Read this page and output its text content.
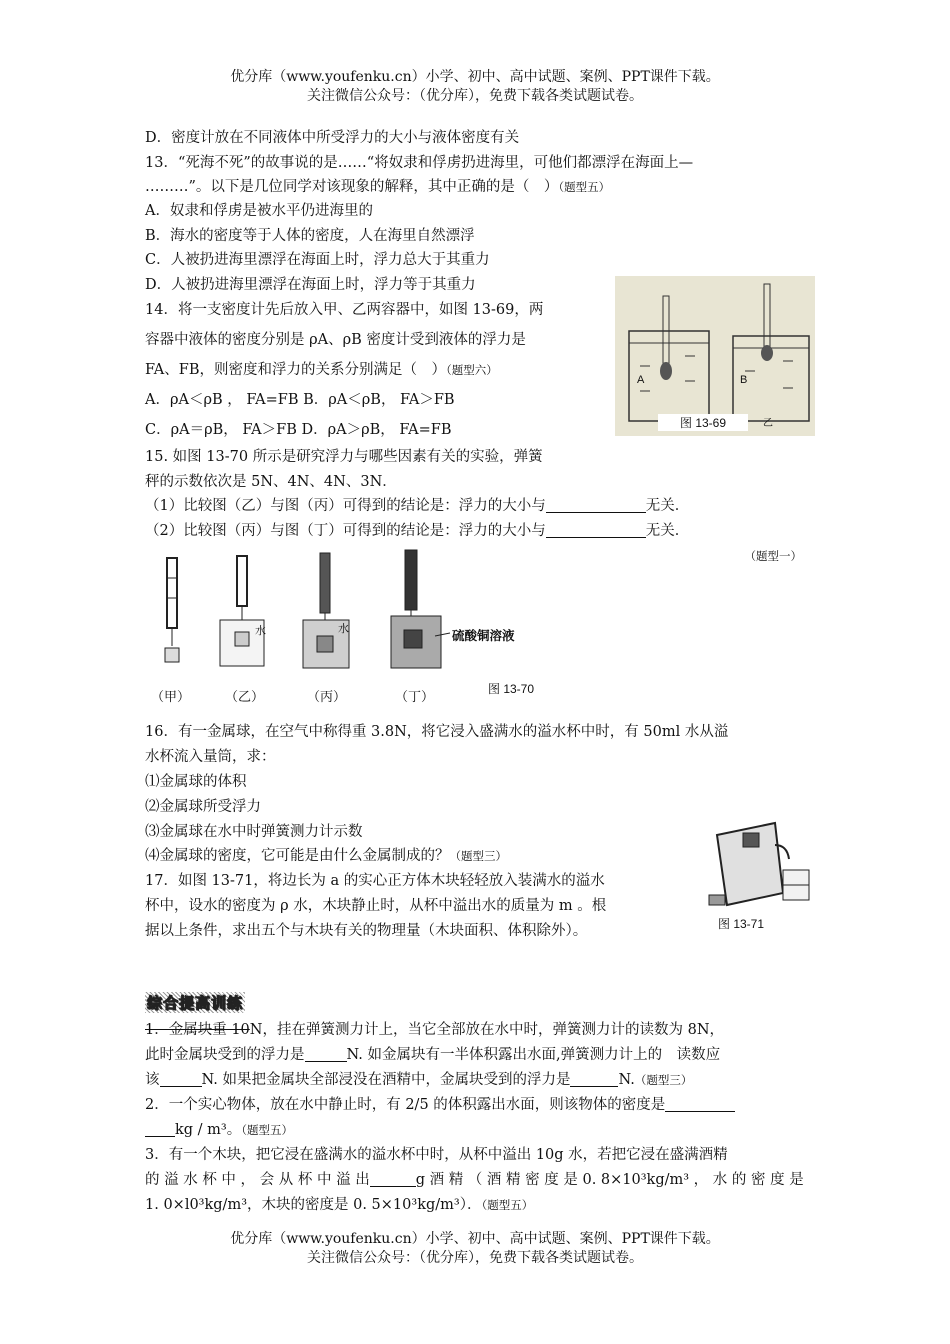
优分库（www.youfenku.cn）小学、初中、高中试题、案例、PPT课件下载。
关注微信公众号：（优分库），免费下载各类试题试卷。
D．密度计放在不同液体中所受浮力的大小与液体密度有关
13．“死海不死”的故事说的是……“将奴隶和俘虏扔进海里，可他们都漂浮在海面上—
………”。以下是几位同学对该现象的解释，其中正确的是（　）（题型五）
A．奴隶和俘虏是被水平仍进海里的
B．海水的密度等于人体的密度，人在海里自然漂浮
C．人被扔进海里漂浮在海面上时，浮力总大于其重力
D．人被扔进海里漂浮在海面上时，浮力等于其重力
14．将一支密度计先后放入甲、乙两容器中，如图 13-69，两
容器中液体的密度分别是 ρA、ρB 密度计受到液体的浮力是
FA、FB，则密度和浮力的关系分别满足（　）（题型六）
A．ρA＜ρB ， FA=FB B．ρA＜ρB， FA＞FB
C．ρA＝ρB， FA＞FB D．ρA＞ρB， FA=FB
A	B
乙
图 13-69
15. 如图 13-70 所示是研究浮力与哪些因素有关的实验，弹簧
秤的示数依次是 5N、4N、4N、3N．
（1）比较图（乙）与图（丙）可得到的结论是：浮力的大小与	无关．
（2）比较图（丙）与图（丁）可得到的结论是：浮力的大小与	无关．
（题型一）
水	水	硫酸铜溶液
（甲）	（乙）	（丙）	（丁）	图 13-70
16．有一金属球，在空气中称得重 3.8N，将它浸入盛满水的溢水杯中时，有 50ml 水从溢
水杯流入量筒，求：
⑴金属球的体积
⑵金属球所受浮力
⑶金属球在水中时弹簧测力计示数
⑷金属球的密度，它可能是由什么金属制成的？（题型三）
17．如图 13-71，将边长为 a 的实心正方体木块轻轻放入装满水的溢水
杯中，设水的密度为 ρ 水，木块静止时，从杯中溢出水的质量为 m 。根
据以上条件，求出五个与木块有关的物理量（木块面积、体积除外）。	图 13-71
综合提高训练
1．金属块重 10N，挂在弹簧测力计上，当它全部放在水中时，弹簧测力计的读数为 8N，
此时金属块受到的浮力是	N. 如金属块有一半体积露出水面,弹簧测力计上的　读数应
该	N. 如果把金属块全部浸没在酒精中，金属块受到的浮力是	N.（题型三）
2．一个实心物体，放在水中静止时，有 2/5 的体积露出水面，则该物体的密度是
kg / m³。（题型五）
3．有一个木块，把它浸在盛满水的溢水杯中时，从杯中溢出 10g 水，若把它浸在盛满酒精
的 溢 水 杯 中 ， 会 从 杯 中 溢 出	g 酒 精 （ 酒 精 密 度 是 0. 8×10³kg/m³ ， 水 的 密 度 是
1. 0×l0³kg/m³，木块的密度是 0. 5×10³kg/m³）．（题型五）
优分库（www.youfenku.cn）小学、初中、高中试题、案例、PPT课件下载。
关注微信公众号：（优分库），免费下载各类试题试卷。
